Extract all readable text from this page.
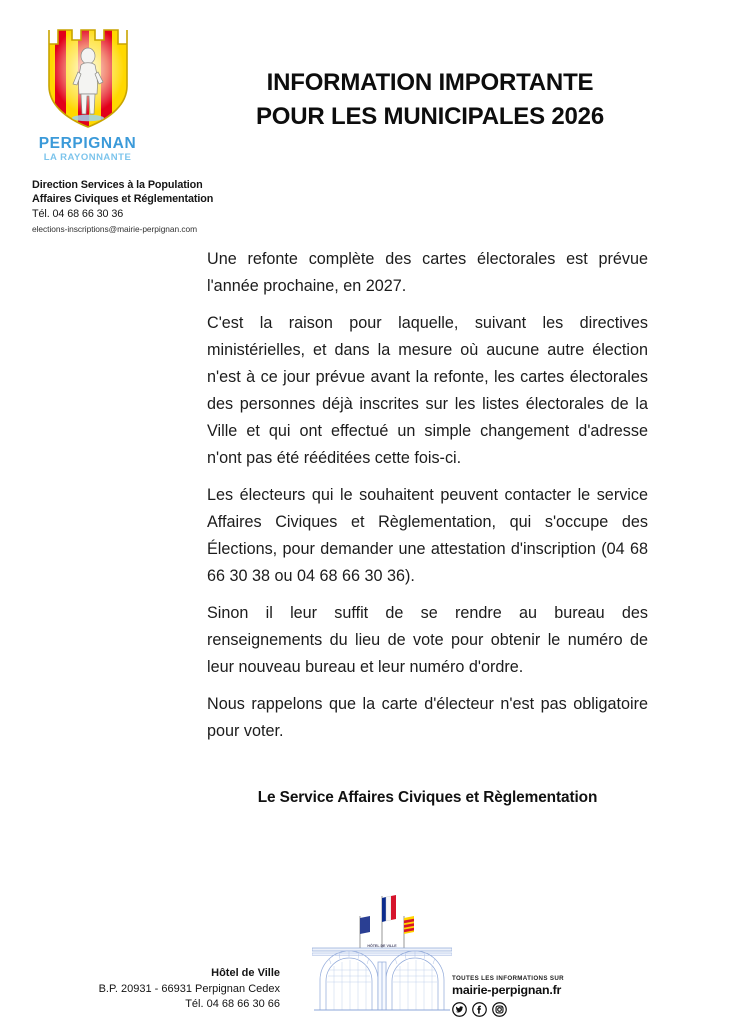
PERPIGNAN
LA RAYONNANTE
Direction Services à la Population
Affaires Civiques et Réglementation
Tél. 04 68 66 30 36
elections-inscriptions@mairie-perpignan.com
INFORMATION IMPORTANTE
POUR LES MUNICIPALES 2026

Une refonte complète des cartes électorales est prévue l'année prochaine, en 2027.

C'est la raison pour laquelle, suivant les directives ministérielles, et dans la mesure où aucune autre élection n'est à ce jour prévue avant la refonte, les cartes électorales des personnes déjà inscrites sur les listes électorales de la Ville et qui ont effectué un simple changement d'adresse n'ont pas été rééditées cette fois-ci.

Les électeurs qui le souhaitent peuvent contacter le service Affaires Civiques et Règlementation, qui s'occupe des Élections, pour demander une attestation d'inscription (04 68 66 30 38 ou 04 68 66 30 36).

Sinon il leur suffit de se rendre au bureau des renseignements du lieu de vote pour obtenir le numéro de leur nouveau bureau et leur numéro d'ordre.

Nous rappelons que la carte d'électeur n'est pas obligatoire pour voter.

Le Service Affaires Civiques et Règlementation
HÔTEL DE VILLE
Hôtel de Ville
B.P. 20931 - 66931 Perpignan Cedex
Tél. 04 68 66 30 66
TOUTES LES INFORMATIONS SUR
mairie-perpignan.fr
